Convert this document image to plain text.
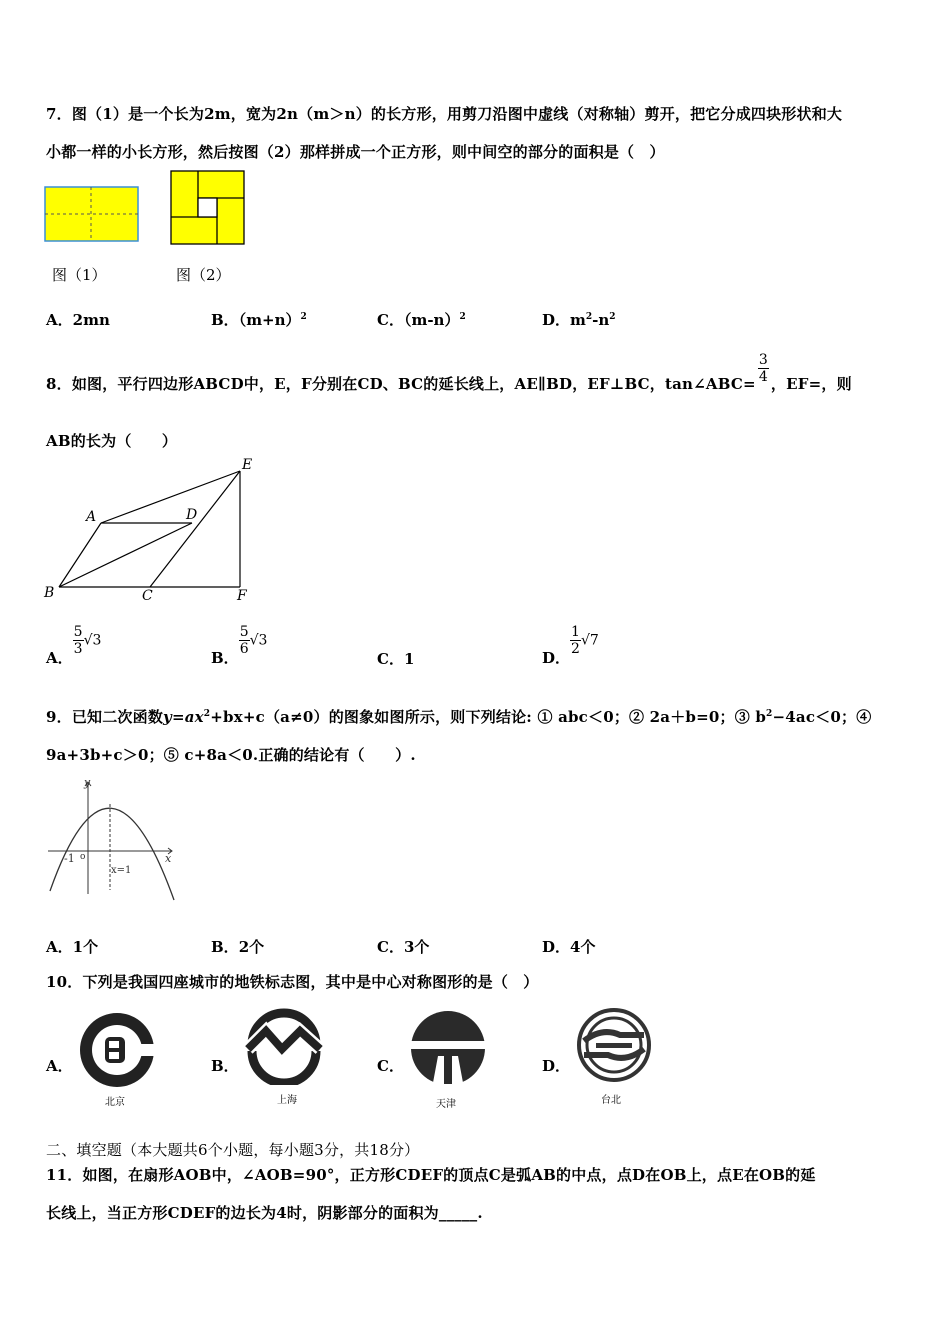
7．图（1）是一个长为2m，宽为2n（m＞n）的长方形，用剪刀沿图中虚线（对称轴）剪开，把它分成四块形状和大
小都一样的小长方形，然后按图（2）那样拼成一个正方形，则中间空的部分的面积是（　）
图（1）	图（2）
A．2mn	B．$(m+n)^2$	C．$(m-n)^2$	D．$m^2-n^2$
8．如图，平行四边形ABCD中，E，F分别在CD、BC的延长线上，AE∥BD，EF⊥BC，tan∠ABC= $\frac{3}{4}$ ，EF=，则
AB的长为（　　）
E
A	D
B	C	F
A．
$\frac{5}{3} √3$
B．
$\frac{5}{6} √3$
C．1	D．
$\frac{1}{2} √7$
9．已知二次函数$y=ax^2+bx+c(a\ne 0)$的图象如图所示，则下列结论: ① abc＜0；② 2a＋b=0；③ $b^2-4ac<0$；④
9a+3b+c＞0；⑤ c+8a＜0.正确的结论有（　　）.
y
x
-1 o
x=1
A．1个	B．2个	C．3个	D．4个
10．下列是我国四座城市的地铁标志图，其中是中心对称图形的是（　）
A．
北京
B．
上海
C．
天津
D．
台北
二、填空题（本大题共6个小题，每小题3分，共18分）
11．如图，在扇形AOB中，∠AOB=90°，正方形CDEF的顶点C是弧AB的中点，点D在OB上，点E在OB的延
长线上，当正方形CDEF的边长为4时，阴影部分的面积为_____.
